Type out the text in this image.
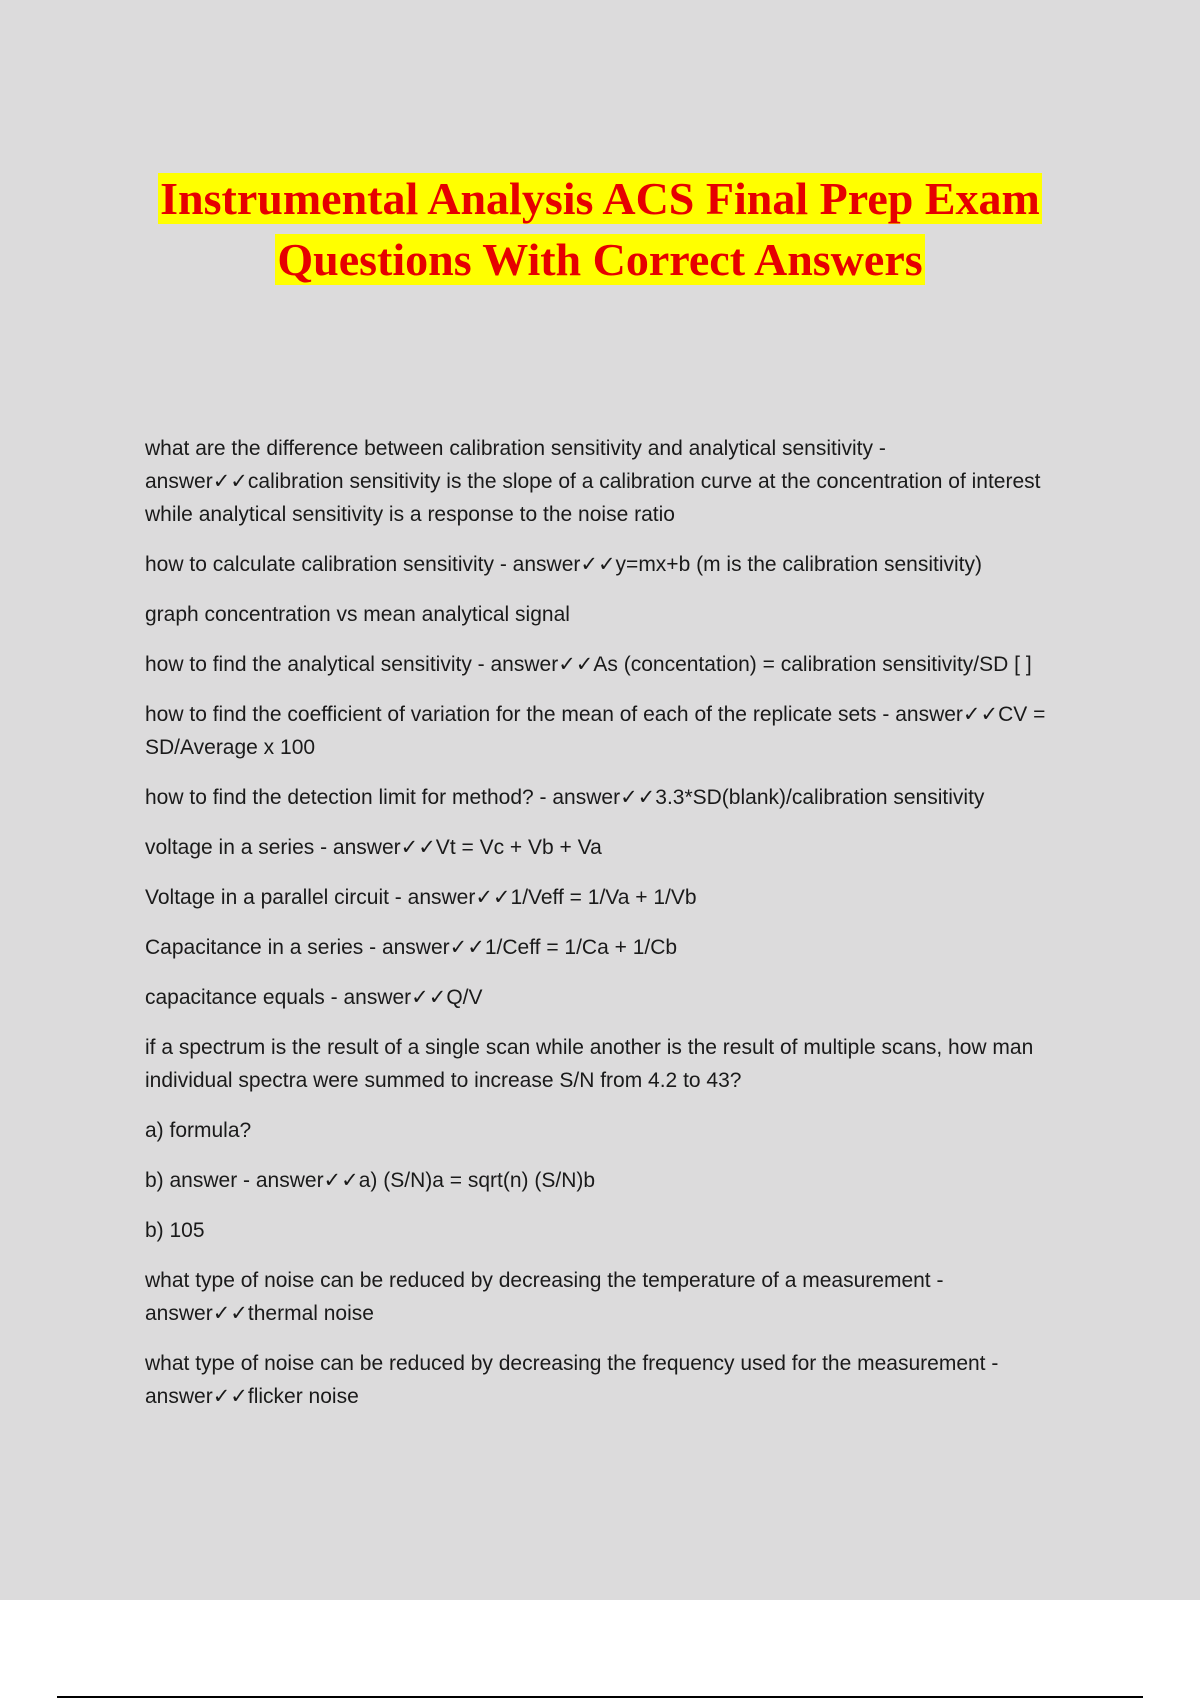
Instrumental Analysis ACS Final Prep Exam
Questions With Correct Answers

what are the difference between calibration sensitivity and analytical sensitivity - answer✓✓calibration sensitivity is the slope of a calibration curve at the concentration of interest while analytical sensitivity is a response to the noise ratio

how to calculate calibration sensitivity - answer✓✓y=mx+b (m is the calibration sensitivity)

graph concentration vs mean analytical signal

how to find the analytical sensitivity - answer✓✓As (concentation) = calibration sensitivity/SD [ ]

how to find the coefficient of variation for the mean of each of the replicate sets - answer✓✓CV = SD/Average x 100

how to find the detection limit for method? - answer✓✓3.3*SD(blank)/calibration sensitivity

voltage in a series - answer✓✓Vt = Vc + Vb + Va

Voltage in a parallel circuit - answer✓✓1/Veff = 1/Va + 1/Vb

Capacitance in a series - answer✓✓1/Ceff = 1/Ca + 1/Cb

capacitance equals - answer✓✓Q/V

if a spectrum is the result of a single scan while another is the result of multiple scans, how man individual spectra were summed to increase S/N from 4.2 to 43?

a) formula?

b) answer - answer✓✓a) (S/N)a = sqrt(n) (S/N)b

b) 105

what type of noise can be reduced by decreasing the temperature of a measurement - answer✓✓thermal noise

what type of noise can be reduced by decreasing the frequency used for the measurement - answer✓✓flicker noise
